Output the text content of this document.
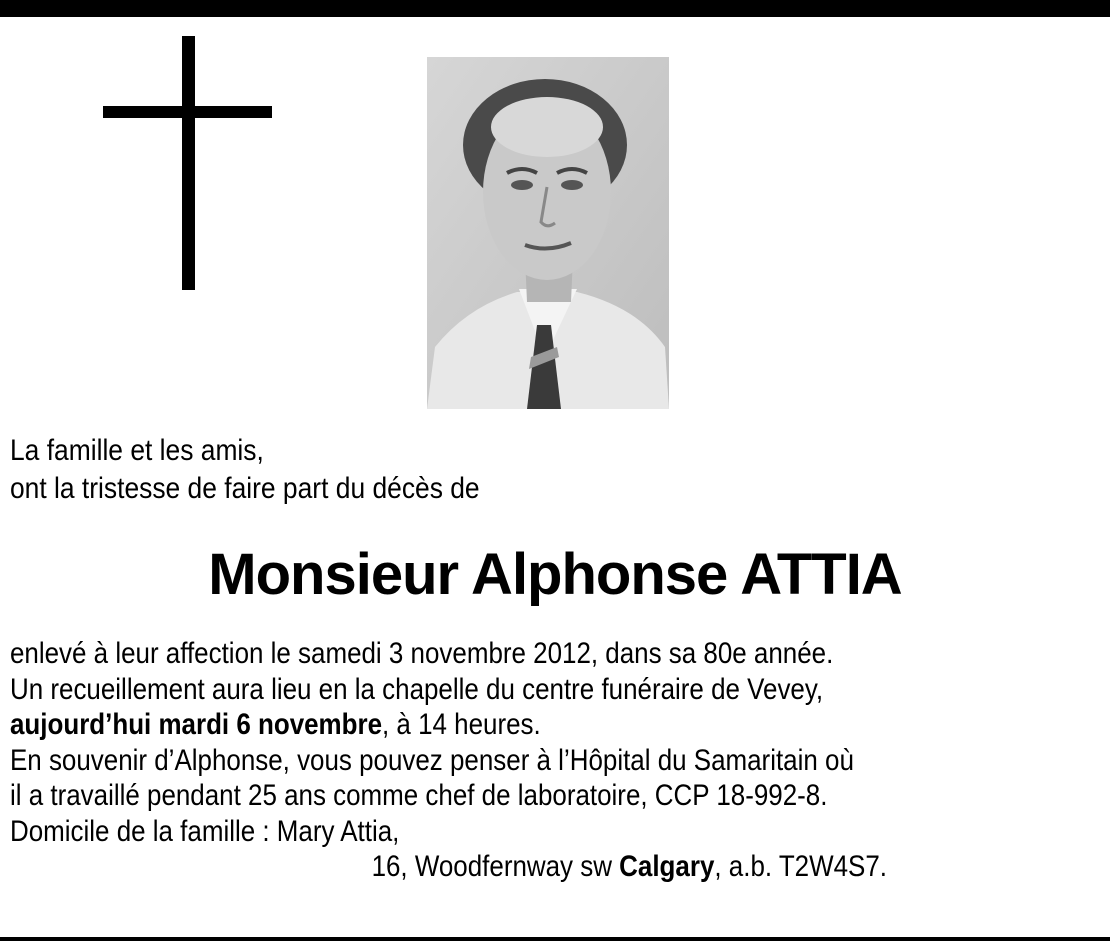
La famille et les amis,
ont la tristesse de faire part du décès de
Monsieur Alphonse ATTIA
enlevé à leur affection le samedi 3 novembre 2012, dans sa 80e année.
Un recueillement aura lieu en la chapelle du centre funéraire de Vevey,
aujourd’hui mardi 6 novembre, à 14 heures.
En souvenir d’Alphonse, vous pouvez penser à l’Hôpital du Samaritain où
il a travaillé pendant 25 ans comme chef de laboratoire, CCP 18-992-8.
Domicile de la famille : Mary Attia,
16, Woodfernway sw Calgary, a.b. T2W4S7.
